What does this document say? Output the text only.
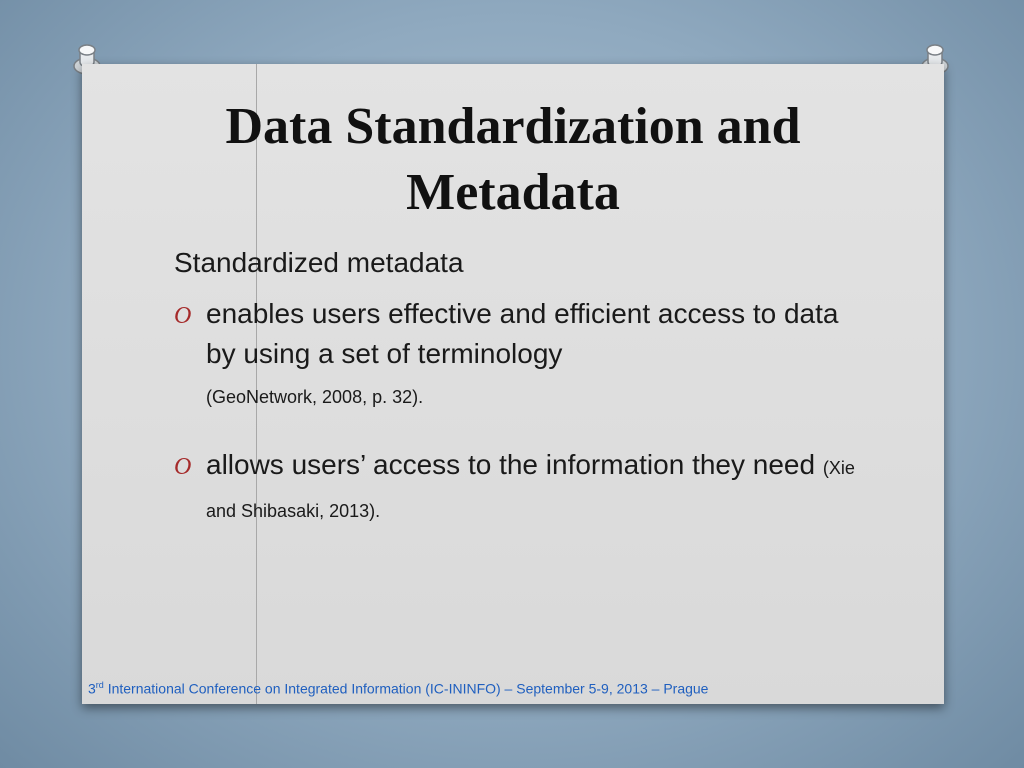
Data Standardization and
Metadata

Standardized metadata

O enables users effective and efficient access to data by using a set of terminology
(GeoNetwork, 2008, p. 32).
O allows users’ access to the information they need (Xie and Shibasaki, 2013).
3rd International Conference on Integrated Information (IC-ININFO) – September 5-9, 2013 – Prague
